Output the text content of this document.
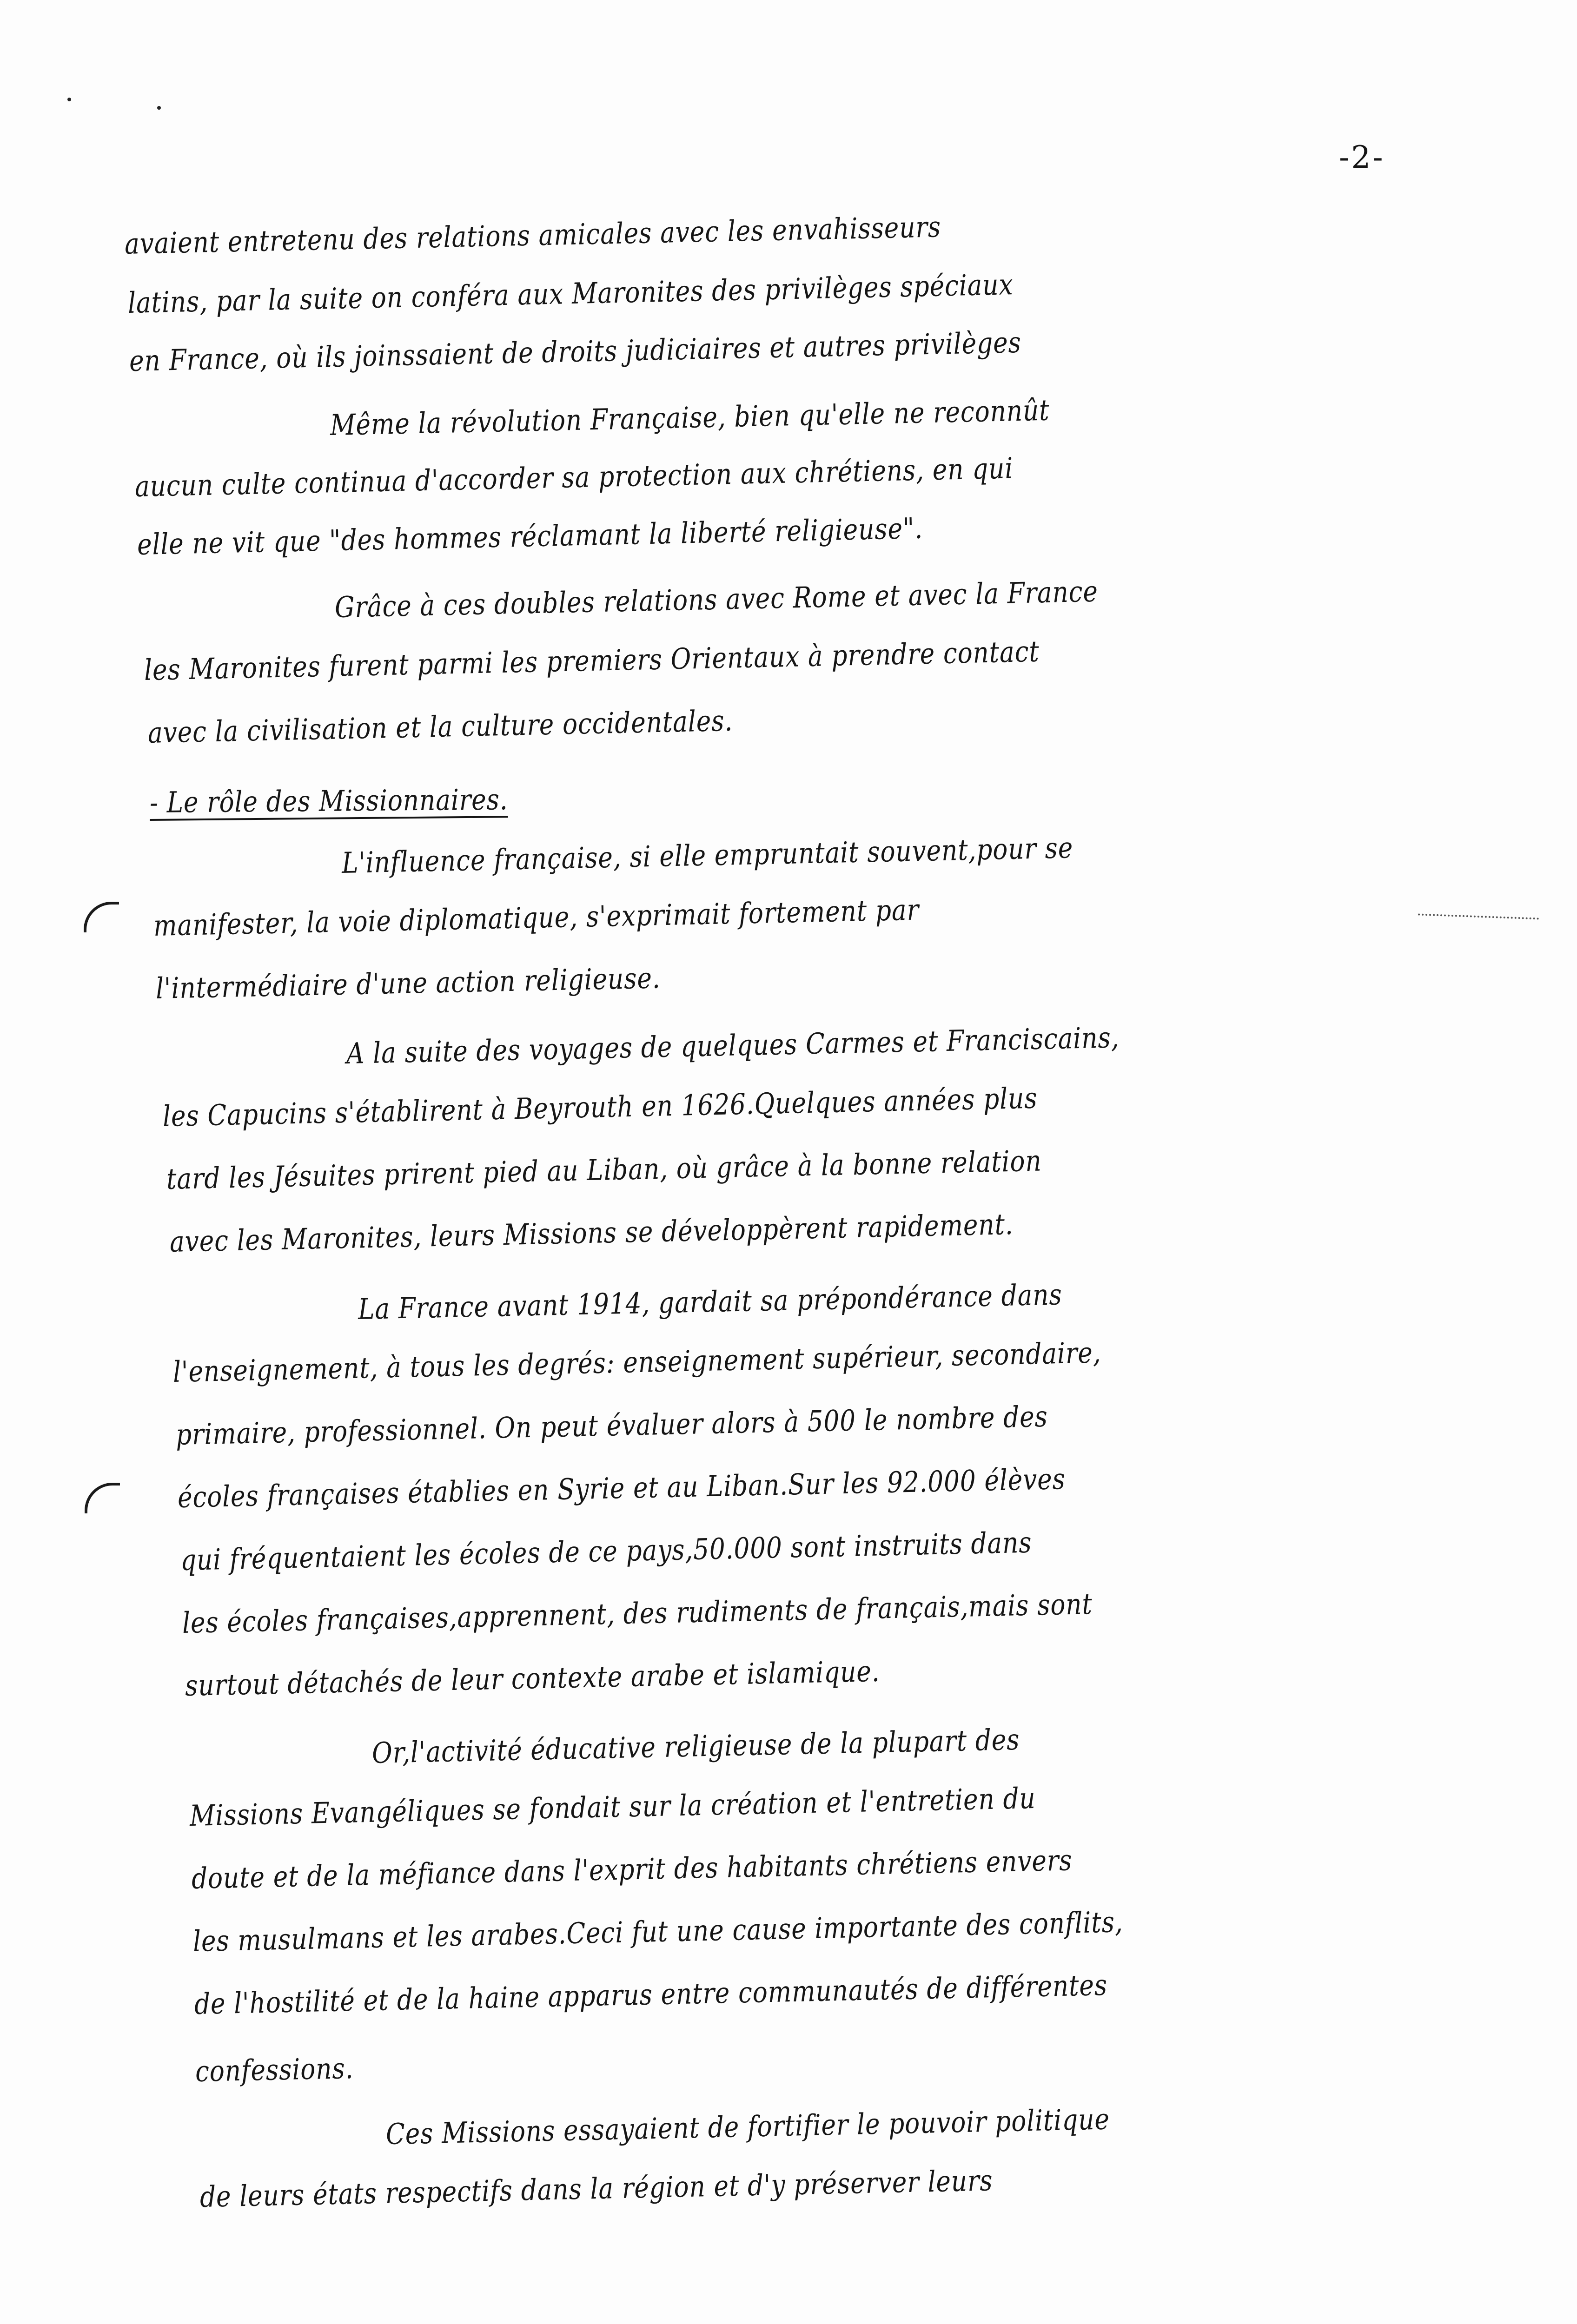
-2-
avaient entretenu des relations amicales avec les envahisseurs
latins, par la suite on conféra aux Maronites des privilèges spéciaux
en France, où ils joinssaient de droits judiciaires et autres privilèges
Même la révolution Française, bien qu'elle ne reconnût
aucun culte continua d'accorder sa protection aux chrétiens, en qui
elle ne vit que "des hommes réclamant la liberté religieuse".
Grâce à ces doubles relations avec Rome et avec la France
les Maronites furent parmi les premiers Orientaux à prendre contact
avec la civilisation et la culture occidentales.
- Le rôle des Missionnaires.
L'influence française, si elle empruntait souvent,pour se
manifester, la voie diplomatique, s'exprimait fortement par
l'intermédiaire d'une action religieuse.
A la suite des voyages de quelques Carmes et Franciscains,
les Capucins s'établirent à Beyrouth en 1626.Quelques années plus
tard les Jésuites prirent pied au Liban, où grâce à la bonne relation
avec les Maronites, leurs Missions se développèrent rapidement.
La France avant 1914, gardait sa prépondérance dans
l'enseignement, à tous les degrés: enseignement supérieur, secondaire,
primaire, professionnel. On peut évaluer alors à 500 le nombre des
écoles françaises établies en Syrie et au Liban.Sur les 92.000 élèves
qui fréquentaient les écoles de ce pays,50.000 sont instruits dans
les écoles françaises,apprennent, des rudiments de français,mais sont
surtout détachés de leur contexte arabe et islamique.
Or,l'activité éducative religieuse de la plupart des
Missions Evangéliques se fondait sur la création et l'entretien du
doute et de la méfiance dans l'exprit des habitants chrétiens envers
les musulmans et les arabes.Ceci fut une cause importante des conflits,
de l'hostilité et de la haine apparus entre communautés de différentes
confessions.
Ces Missions essayaient de fortifier le pouvoir politique
de leurs états respectifs dans la région et d'y préserver leurs
